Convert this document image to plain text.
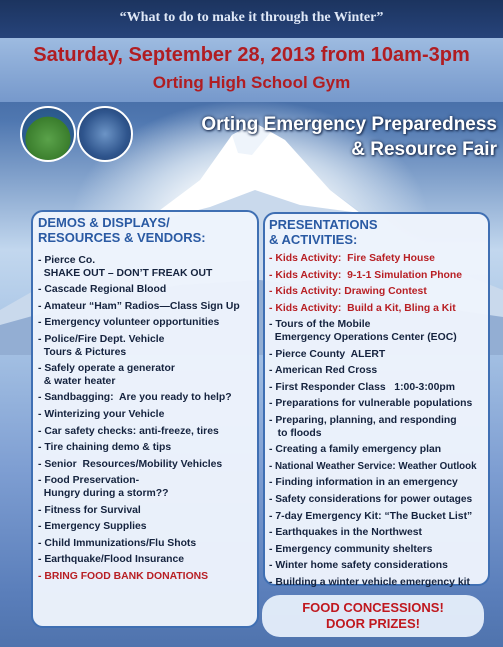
“What to do to make it through the Winter”
Saturday, September 28, 2013 from 10am-3pm
Orting High School Gym
Orting Emergency Preparedness
& Resource Fair
DEMOS & DISPLAYS/
RESOURCES & VENDORS:
- Pierce Co.
SHAKE OUT – DON’T FREAK OUT
- Cascade Regional Blood
- Amateur “Ham” Radios—Class Sign Up
- Emergency volunteer opportunities
- Police/Fire Dept. Vehicle
Tours & Pictures
- Safely operate a generator
& water heater
- Sandbagging:  Are you ready to help?
- Winterizing your Vehicle
- Car safety checks: anti-freeze, tires
- Tire chaining demo & tips
- Senior  Resources/Mobility Vehicles
- Food Preservation-
Hungry during a storm??
- Fitness for Survival
- Emergency Supplies
- Child Immunizations/Flu Shots
- Earthquake/Flood Insurance
- BRING FOOD BANK DONATIONS
PRESENTATIONS
& ACTIVITIES:
- Kids Activity:  Fire Safety House
- Kids Activity:  9-1-1 Simulation Phone
- Kids Activity: Drawing Contest
- Kids Activity:  Build a Kit, Bling a Kit
- Tours of the Mobile
Emergency Operations Center (EOC)
- Pierce County  ALERT
- American Red Cross
- First Responder Class   1:00-3:00pm
- Preparations for vulnerable populations
- Preparing, planning, and responding
to floods
- Creating a family emergency plan
- National Weather Service: Weather Outlook
- Finding information in an emergency
- Safety considerations for power outages
- 7-day Emergency Kit: “The Bucket List”
- Earthquakes in the Northwest
- Emergency community shelters
- Winter home safety considerations
- Building a winter vehicle emergency kit
FOOD CONCESSIONS!
DOOR PRIZES!
